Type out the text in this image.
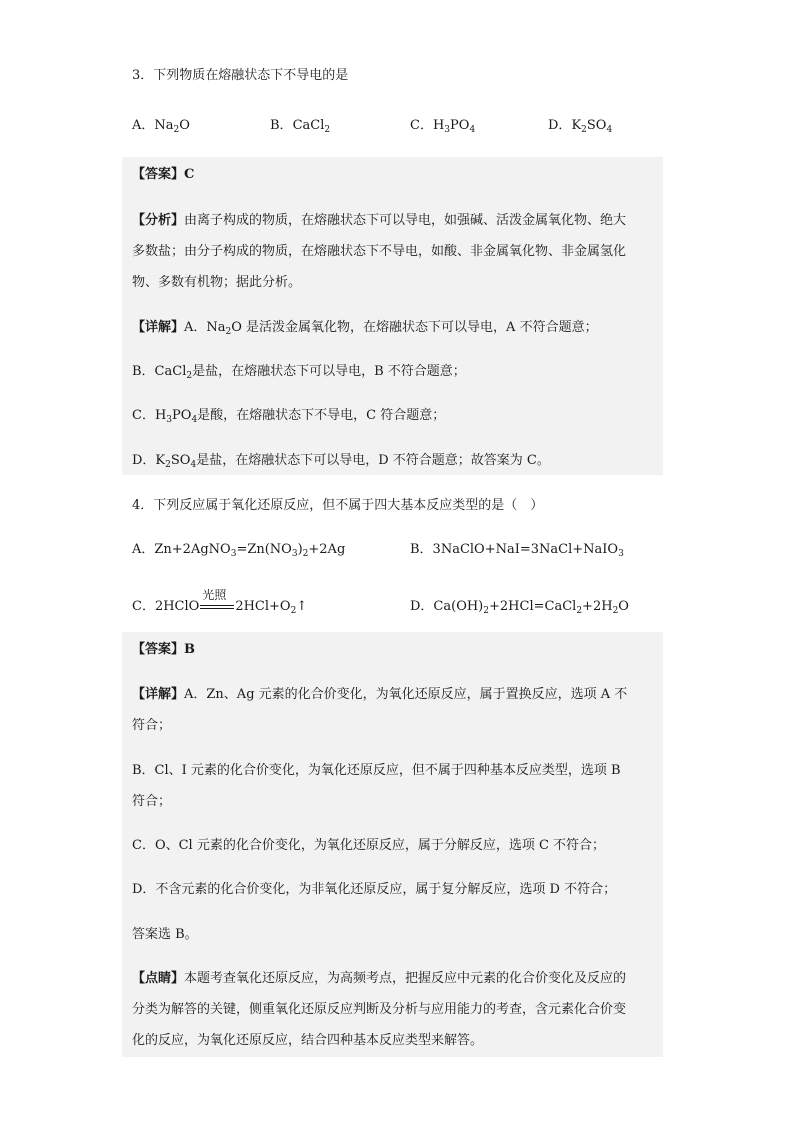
3．下列物质在熔融状态下不导电的是
A．$Na_2O$	B．CaCl$_2$	C．$H_3PO_4$	D．$K_2SO_4$
【答案】C
【分析】由离子构成的物质，在熔融状态下可以导电，如强碱、活泼金属氧化物、绝大
多数盐；由分子构成的物质，在熔融状态下不导电，如酸、非金属氧化物、非金属氢化
物、多数有机物；据此分析。
【详解】A．$Na_2O$ 是活泼金属氧化物，在熔融状态下可以导电，A 不符合题意；
B．CaCl$_2$是盐，在熔融状态下可以导电，B 不符合题意；
C．$H_3PO_4$是酸，在熔融状态下不导电，C 符合题意；
D．$K_2SO_4$是盐，在熔融状态下可以导电，D 不符合题意；故答案为 C。
4．下列反应属于氧化还原反应，但不属于四大基本反应类型的是（　）
A．$Zn+2AgNO_3=Zn(NO_3)_2+2Ag$	B．3NaClO+NaI=3NaCl+NaIO$_3$
C．2HClO
光照
$2HCl+O_2↑$	D．$Ca(OH)_2+2HCl=CaCl_2+2H_2O$
【答案】B
【详解】A．Zn、Ag 元素的化合价变化，为氧化还原反应，属于置换反应，选项 A 不
符合；
B．Cl、I 元素的化合价变化，为氧化还原反应，但不属于四种基本反应类型，选项 B
符合；
C．O、Cl 元素的化合价变化，为氧化还原反应，属于分解反应，选项 C 不符合；
D．不含元素的化合价变化，为非氧化还原反应，属于复分解反应，选项 D 不符合；
答案选 B。
【点睛】本题考查氧化还原反应，为高频考点，把握反应中元素的化合价变化及反应的
分类为解答的关键，侧重氧化还原反应判断及分析与应用能力的考查，含元素化合价变
化的反应，为氧化还原反应，结合四种基本反应类型来解答。
